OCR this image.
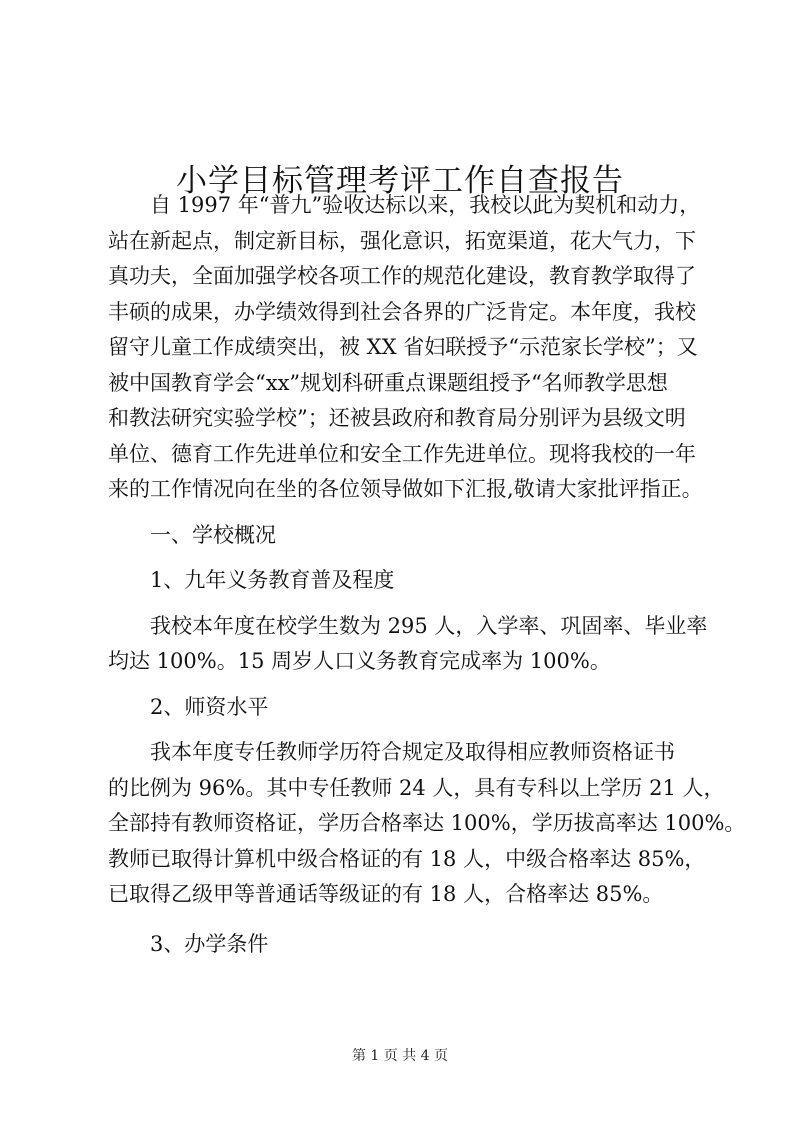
小学目标管理考评工作自查报告

自 1997 年“普九”验收达标以来，我校以此为契机和动力，
站在新起点，制定新目标，强化意识，拓宽渠道，花大气力，下
真功夫，全面加强学校各项工作的规范化建设，教育教学取得了
丰硕的成果，办学绩效得到社会各界的广泛肯定。本年度，我校
留守儿童工作成绩突出，被 XX 省妇联授予“示范家长学校”；又
被中国教育学会“xx”规划科研重点课题组授予“名师教学思想
和教法研究实验学校”；还被县政府和教育局分别评为县级文明
单位、德育工作先进单位和安全工作先进单位。现将我校的一年
来的工作情况向在坐的各位领导做如下汇报,敬请大家批评指正。

一、学校概况

1、九年义务教育普及程度

我校本年度在校学生数为 295 人，入学率、巩固率、毕业率
均达 100%。15 周岁人口义务教育完成率为 100%。

2、师资水平

我本年度专任教师学历符合规定及取得相应教师资格证书
的比例为 96%。其中专任教师 24 人，具有专科以上学历 21 人，
全部持有教师资格证，学历合格率达 100%，学历拔高率达 100%。
教师已取得计算机中级合格证的有 18 人，中级合格率达 85%，
已取得乙级甲等普通话等级证的有 18 人，合格率达 85%。

3、办学条件

第 1 页 共 4 页
